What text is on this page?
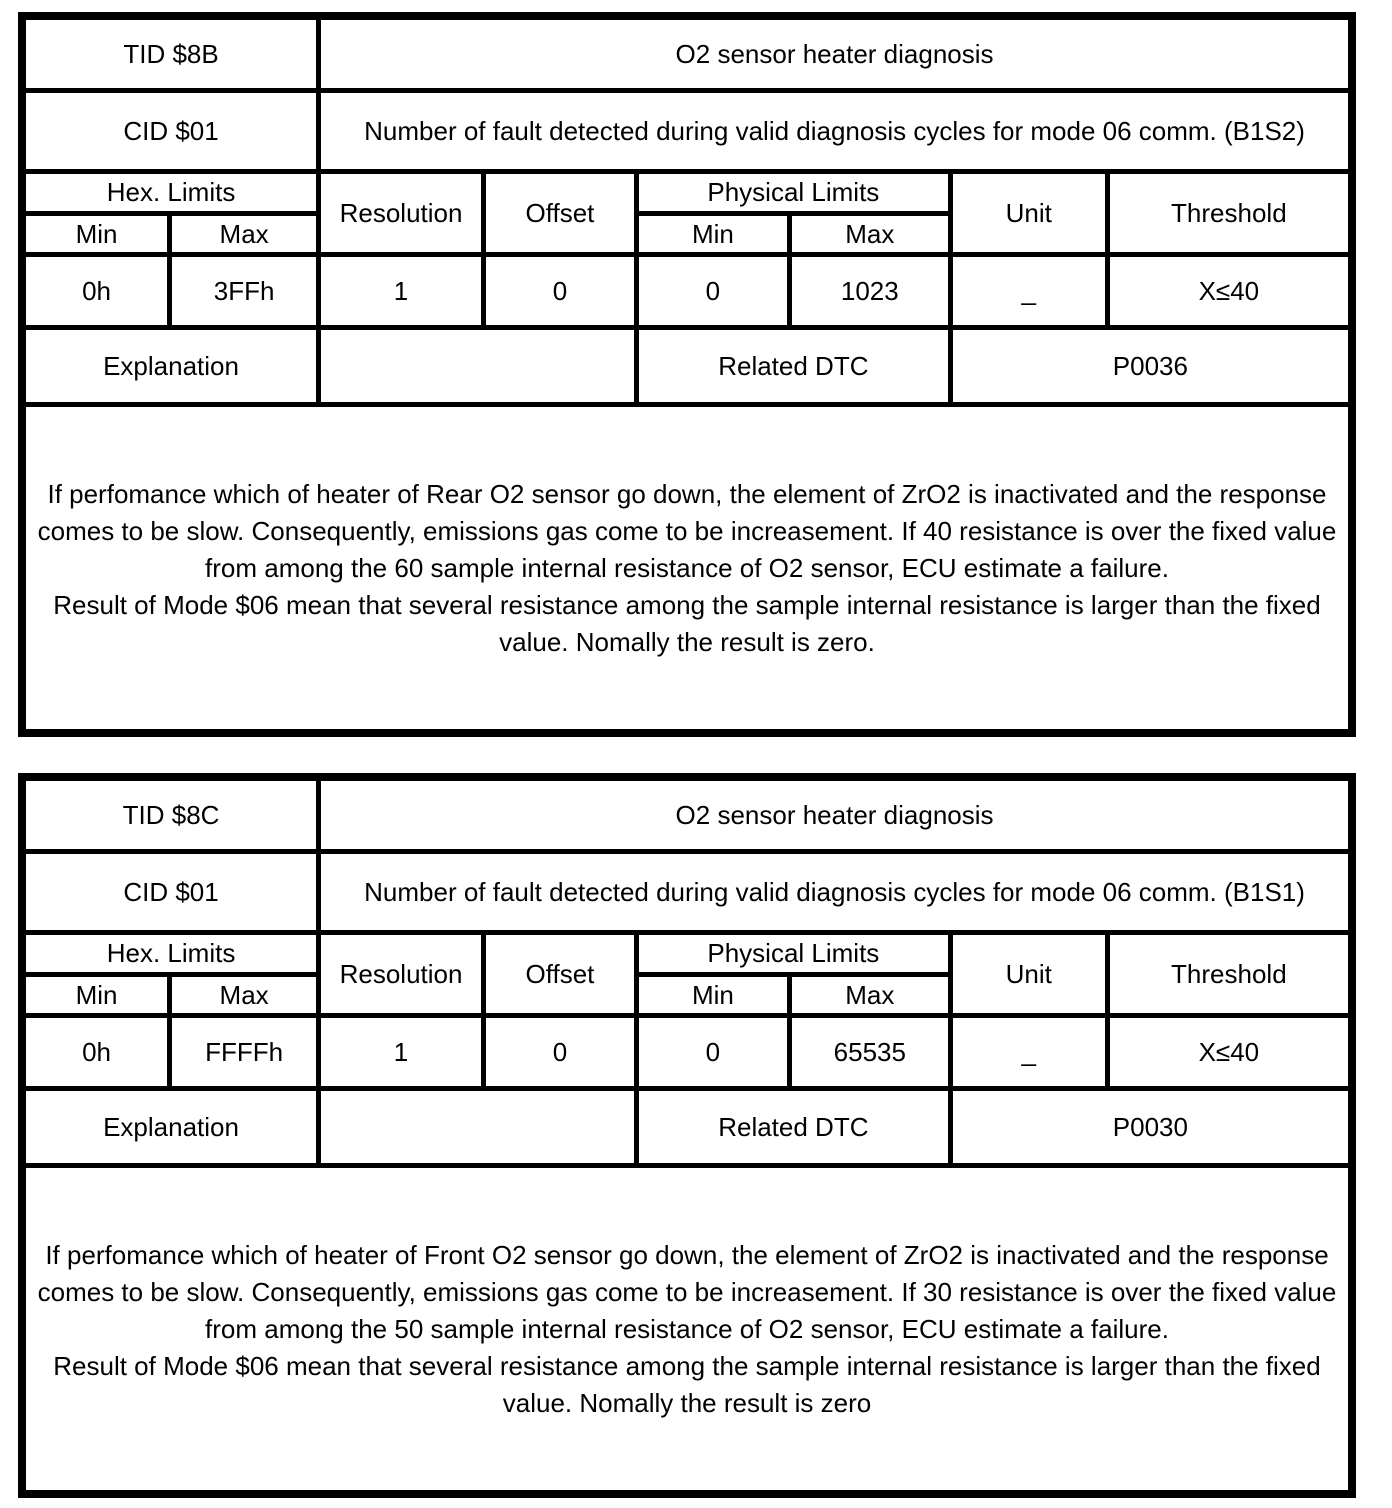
TID $8B		O2 sensor heater diagnosis					
CID $01		Number of fault detected during valid diagnosis cycles for mode 06 comm. (B1S2)					
Hex. Limits		Resolution	Offset	Physical Limits		Unit	Threshold
Min	Max			Min	Max		
0h	3FFh	1	0	0	1023	_	X≤40
Explanation				Related DTC		P0036	

If perfomance which of heater of Rear O2 sensor go down, the element of ZrO2 is inactivated and the response comes to be slow. Consequently, emissions gas come to be increasement. If 40 resistance is over the fixed value from among the 60 sample internal resistance of O2 sensor, ECU estimate a failure.

Result of Mode $06 mean that several resistance among the sample internal resistance is larger than the fixed value. Nomally the result is zero.							

TID $8C		O2 sensor heater diagnosis					
CID $01		Number of fault detected during valid diagnosis cycles for mode 06 comm. (B1S1)					
Hex. Limits		Resolution	Offset	Physical Limits		Unit	Threshold
Min	Max			Min	Max		
0h	FFFFh	1	0	0	65535	_	X≤40
Explanation				Related DTC		P0030	

If perfomance which of heater of Front O2 sensor go down, the element of ZrO2 is inactivated and the response comes to be slow. Consequently, emissions gas come to be increasement. If 30 resistance is over the fixed value from among the 50 sample internal resistance of O2 sensor, ECU estimate a failure.

Result of Mode $06 mean that several resistance among the sample internal resistance is larger than the fixed value. Nomally the result is zero							
